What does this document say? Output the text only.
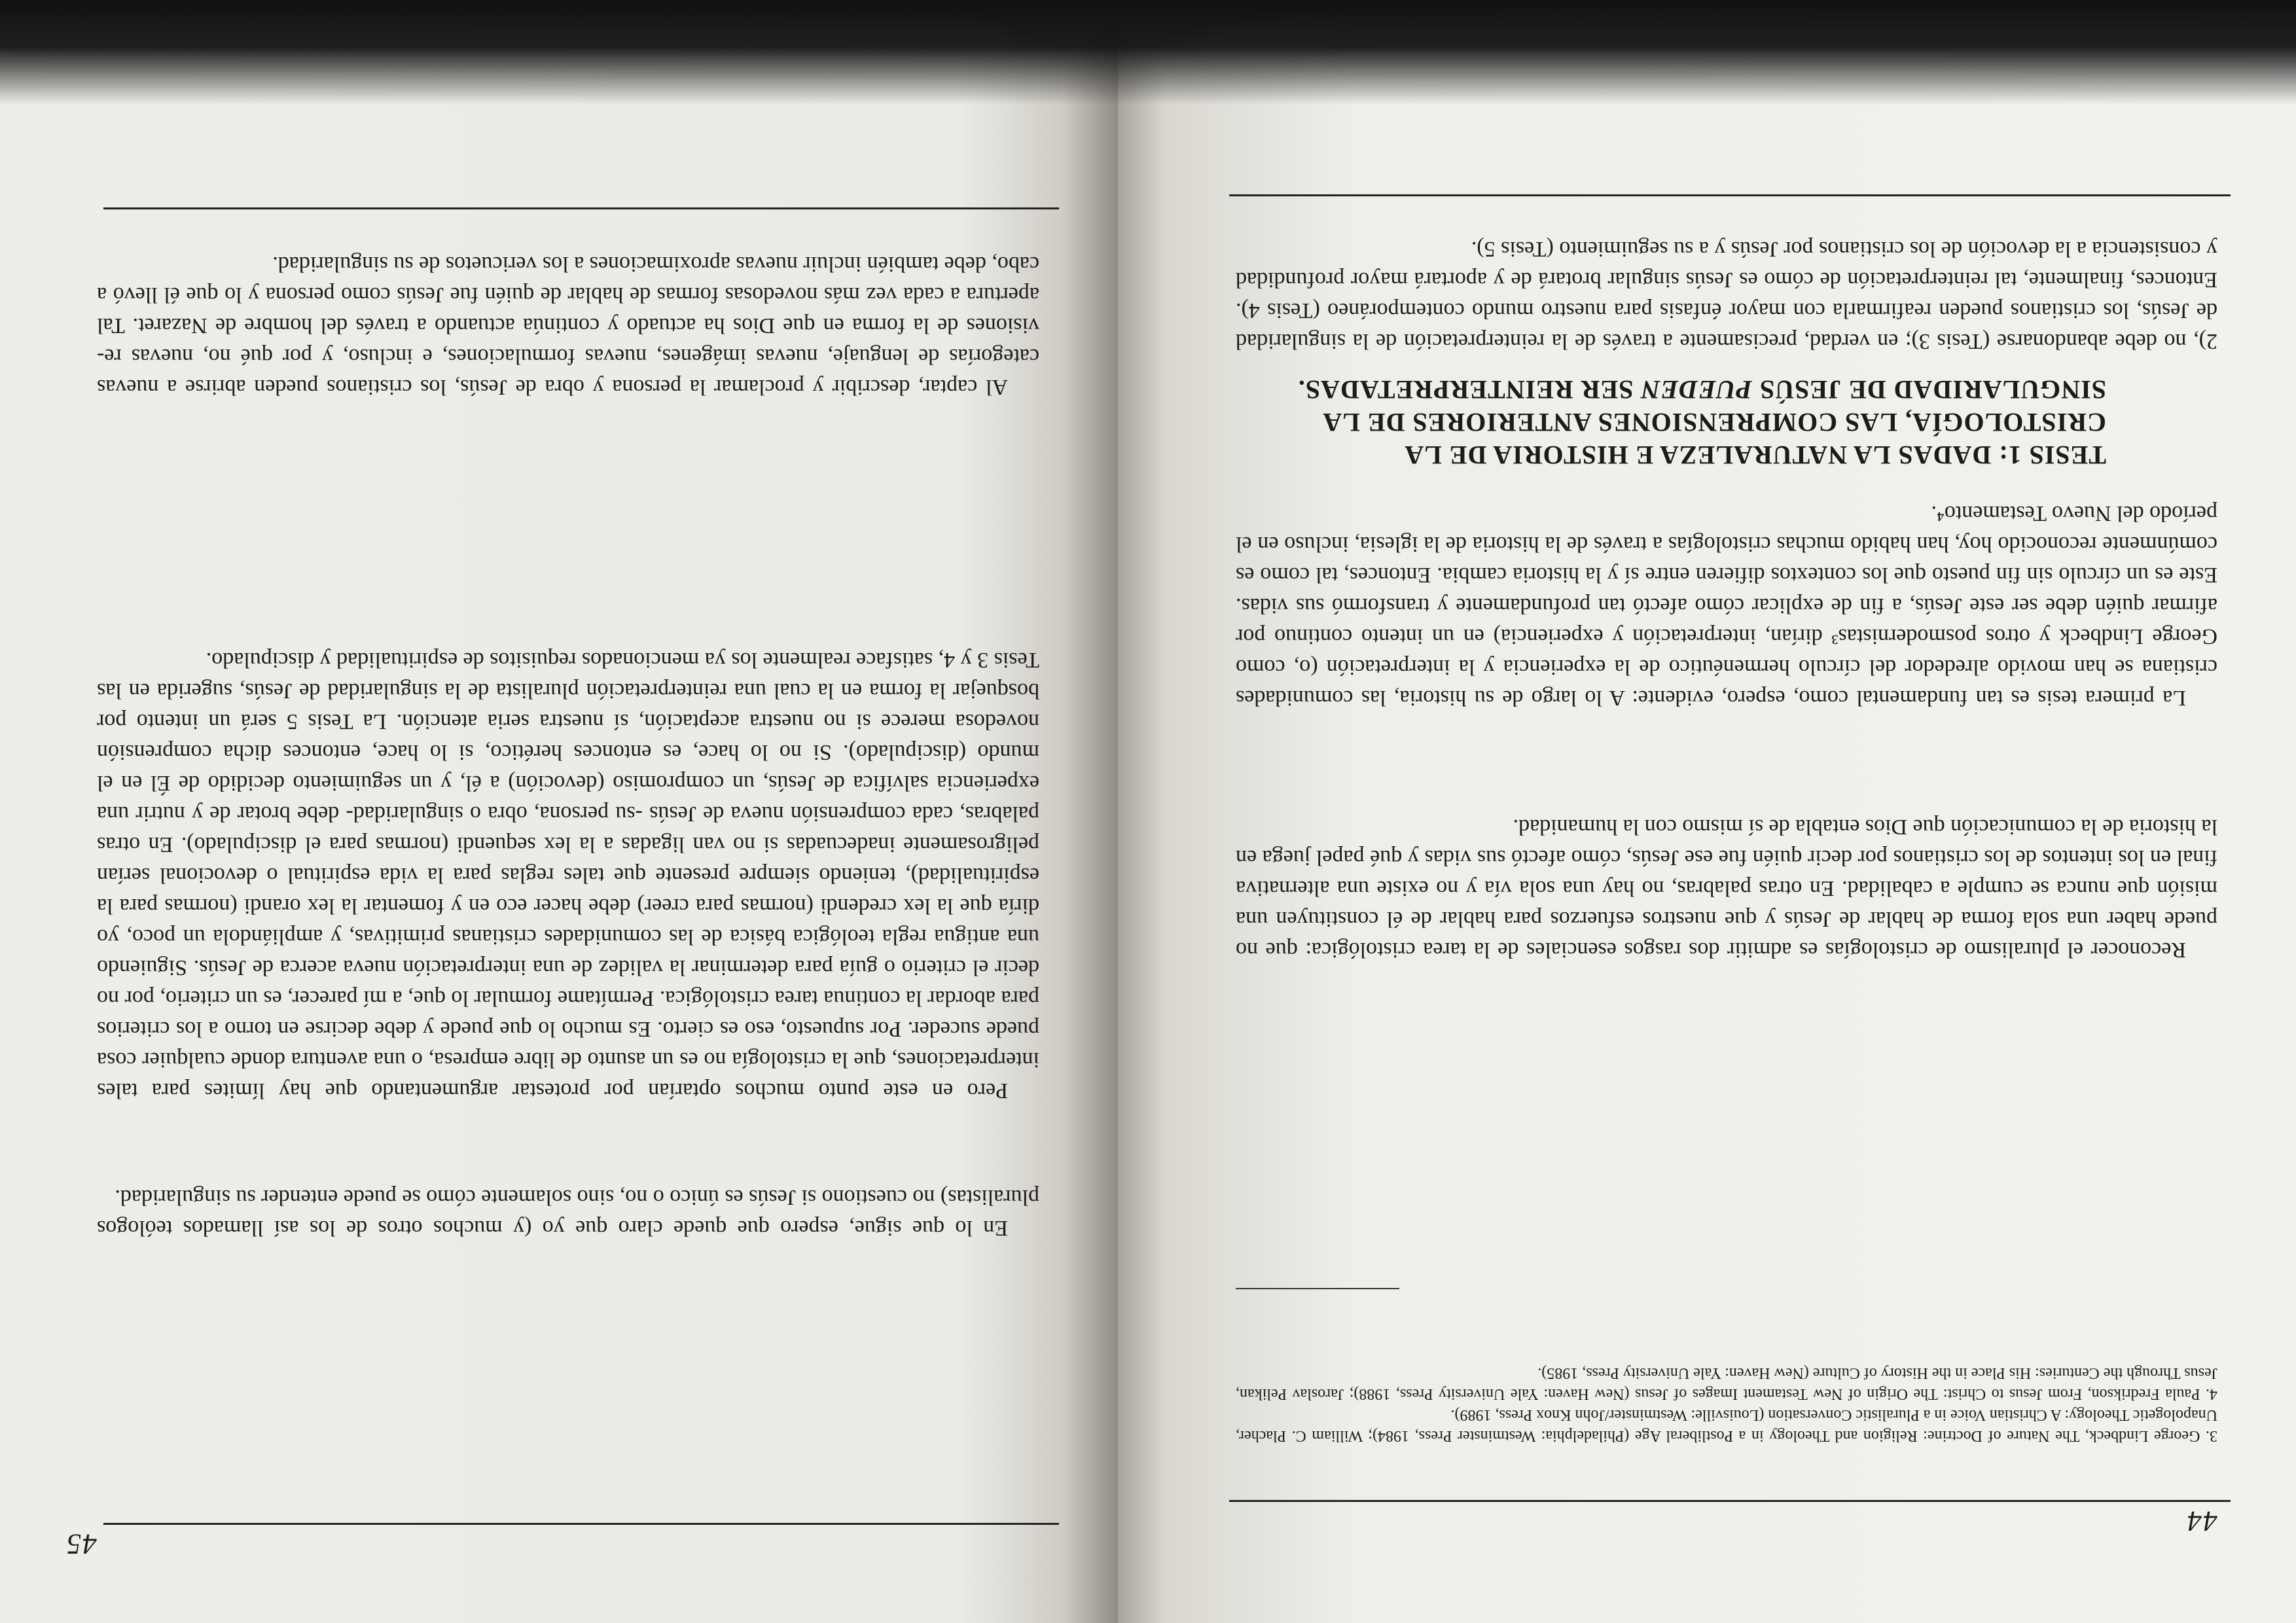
44

3. George Lindbeck, The Nature of Doctrine: Religion and Theology in a Postliberal Age (Philadelphia: Westminster Press, 1984); William C. Placher, Unapologetic Theology: A Christian Voice in a Pluralistic Conversation (Louisville: Westminster/John Knox Press, 1989).

4. Paula Fredrikson, From Jesus to Christ: The Origin of New Testament Images of Jesus (New Haven: Yale University Press, 1988); Jaroslav Pelikan, Jesus Through the Centuries: His Place in the History of Culture (New Haven: Yale University Press, 1985).

Reconocer el pluralismo de cristologías es admitir dos rasgos esenciales de la tarea cristológica: que no puede haber una sola forma de hablar de Jesús y que nuestros esfuerzos para hablar de él constituyen una misión que nunca se cumple a cabalidad. En otras palabras, no hay una sola vía y no existe una alternativa final en los intentos de los cristianos por decir quién fue ese Jesús, cómo afectó sus vidas y qué papel juega en la historia de la comunicación que Dios entabla de sí mismo con la humanidad.

La primera tesis es tan fundamental como, espero, evidente: A lo largo de su historia, las comunidades cristiana se han movido alrededor del círculo hermenéutico de la experiencia y la interpretación (o, como George Lindbeck y otros posmodernistas³ dirían, interpretación y experiencia) en un intento continuo por afirmar quién debe ser este Jesús, a fin de explicar cómo afectó tan profundamente y transformó sus vidas. Este es un círculo sin fin puesto que los contextos difieren entre sí y la historia cambia. Entonces, tal como es comúnmente reconocido hoy, han habido muchas cristologías a través de la historia de la iglesia, incluso en el período del Nuevo Testamento⁴.

TESIS 1: DADAS LA NATURALEZA E HISTORIA DE LA
CRISTOLOGÍA, LAS COMPRENSIONES ANTERIORES DE LA
SINGULARIDAD DE JESÚS PUEDEN SER REINTERPRETADAS.

2), no debe abandonarse (Tesis 3); en verdad, precisamente a través de la reinterpretación de la singularidad de Jesús, los cristianos pueden reafirmarla con mayor énfasis para nuestro mundo contemporáneo (Tesis 4). Entonces, finalmente, tal reinterpretación de cómo es Jesús singular brotará de y aportará mayor profundidad y consistencia a la devoción de los cristianos por Jesús y a su seguimiento (Tesis 5).

45

Al captar, describir y proclamar la persona y obra de Jesús, los cristianos pueden abrirse a nuevas categorías de lenguaje, nuevas imágenes, nuevas formulaciones, e incluso, y por qué no, nuevas re-visiones de la forma en que Dios ha actuado y continúa actuando a través del hombre de Nazaret. Tal apertura a cada vez más novedosas formas de hablar de quién fue Jesús como persona y lo que él llevó a cabo, debe también incluir nuevas aproximaciones a los vericuetos de su singularidad.

Pero en este punto muchos optarían por protestar argumentando que hay límites para tales interpretaciones, que la cristología no es un asunto de libre empresa, o una aventura donde cualquier cosa puede suceder. Por supuesto, eso es cierto. Es mucho lo que puede y debe decirse en torno a los criterios para abordar la continua tarea cristológica. Permítame formular lo que, a mí parecer, es un criterio, por no decir el criterio o guía para determinar la validez de una interpretación nueva acerca de Jesús. Siguiendo una antigua regla teológica básica de las comunidades cristianas primitivas, y ampliándola un poco, yo diría que la lex credendi (normas para creer) debe hacer eco en y fomentar la lex orandi (normas para la espiritualidad), teniendo siempre presente que tales reglas para la vida espiritual o devocional serían peligrosamente inadecuadas si no van ligadas a la lex sequendi (normas para el discipulado). En otras palabras, cada comprensión nueva de Jesús -su persona, obra o singularidad- debe brotar de y nutrir una experiencia salvífica de Jesús, un compromiso (devoción) a él, y un seguimiento decidido de Él en el mundo (discipulado). Si no lo hace, es entonces herético, si lo hace, entonces dicha comprensión novedosa merece si no nuestra aceptación, sí nuestra seria atención. La Tesis 5 será un intento por bosquejar la forma en la cual una reinterpretación pluralista de la singularidad de Jesús, sugerida en las Tesis 3 y 4, satisface realmente los ya mencionados requisitos de espiritualidad y discipulado.

En lo que sigue, espero que quede claro que yo (y muchos otros de los así llamados teólogos pluralistas) no cuestiono si Jesús es único o no, sino solamente cómo se puede entender su singularidad.
